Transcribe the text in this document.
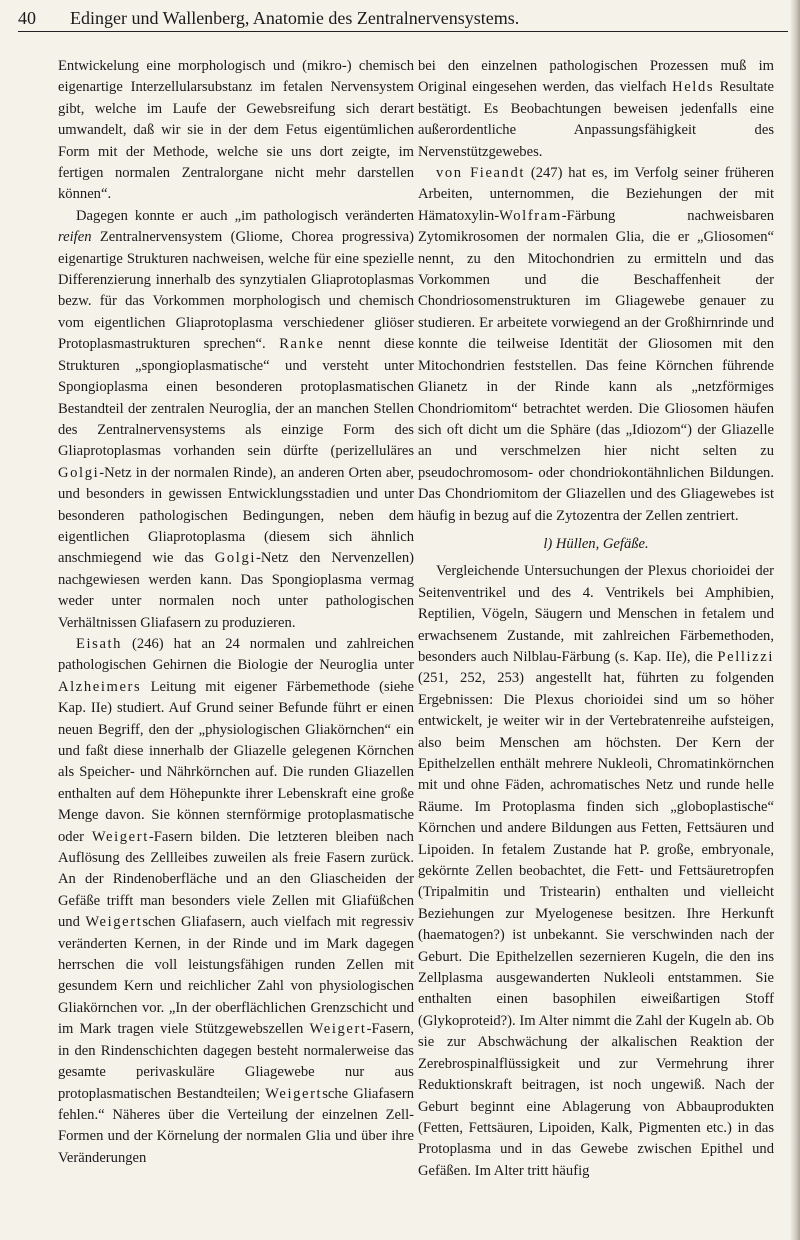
40 Edinger und Wallenberg, Anatomie des Zentralnervensystems.

Entwickelung eine morphologisch und (mikro-) chemisch eigenartige Interzellularsubstanz im fetalen Nervensystem gibt, welche im Laufe der Gewebsreifung sich derart umwandelt, daß wir sie in der dem Fetus eigentümlichen Form mit der Methode, welche sie uns dort zeigte, im fertigen normalen Zentralorgane nicht mehr darstellen können“.

Dagegen konnte er auch „im pathologisch veränderten reifen Zentralnervensystem (Gliome, Chorea progressiva) eigenartige Strukturen nachweisen, welche für eine spezielle Differenzierung innerhalb des synzytialen Gliaprotoplasmas bezw. für das Vorkommen morphologisch und chemisch vom eigentlichen Gliaprotoplasma verschiedener gliöser Protoplasmastrukturen sprechen“. Ranke nennt diese Strukturen „spongioplasmatische“ und versteht unter Spongioplasma einen besonderen protoplasmatischen Bestandteil der zentralen Neuroglia, der an manchen Stellen des Zentralnervensystems als einzige Form des Gliaprotoplasmas vorhanden sein dürfte (perizelluläres Golgi-Netz in der normalen Rinde), an anderen Orten aber, und besonders in gewissen Entwicklungsstadien und unter besonderen pathologischen Bedingungen, neben dem eigentlichen Gliaprotoplasma (diesem sich ähnlich anschmiegend wie das Golgi-Netz den Nervenzellen) nachgewiesen werden kann. Das Spongioplasma vermag weder unter normalen noch unter pathologischen Verhältnissen Gliafasern zu produzieren.

Eisath (246) hat an 24 normalen und zahlreichen pathologischen Gehirnen die Biologie der Neuroglia unter Alzheimers Leitung mit eigener Färbemethode (siehe Kap. IIe) studiert. Auf Grund seiner Befunde führt er einen neuen Begriff, den der „physiologischen Gliakörnchen“ ein und faßt diese innerhalb der Gliazelle gelegenen Körnchen als Speicher- und Nährkörnchen auf. Die runden Gliazellen enthalten auf dem Höhepunkte ihrer Lebenskraft eine große Menge davon. Sie können sternförmige protoplasmatische oder Weigert-Fasern bilden. Die letzteren bleiben nach Auflösung des Zellleibes zuweilen als freie Fasern zurück. An der Rindenoberfläche und an den Gliascheiden der Gefäße trifft man besonders viele Zellen mit Gliafüßchen und Weigertschen Gliafasern, auch vielfach mit regressiv veränderten Kernen, in der Rinde und im Mark dagegen herrschen die voll leistungsfähigen runden Zellen mit gesundem Kern und reichlicher Zahl von physiologischen Gliakörnchen vor. „In der oberflächlichen Grenzschicht und im Mark tragen viele Stützgewebszellen Weigert-Fasern, in den Rindenschichten dagegen besteht normalerweise das gesamte perivaskuläre Gliagewebe nur aus protoplasmatischen Bestandteilen; Weigertsche Gliafasern fehlen.“ Näheres über die Verteilung der einzelnen Zell-Formen und der Körnelung der normalen Glia und über ihre Veränderungen

bei den einzelnen pathologischen Prozessen muß im Original eingesehen werden, das vielfach Helds Resultate bestätigt. Es Beobachtungen beweisen jedenfalls eine außerordentliche Anpassungsfähigkeit des Nervenstützgewebes.

von Fieandt (247) hat es, im Verfolg seiner früheren Arbeiten, unternommen, die Beziehungen der mit Hämatoxylin-Wolfram-Färbung nachweisbaren Zytomikrosomen der normalen Glia, die er „Gliosomen“ nennt, zu den Mitochondrien zu ermitteln und das Vorkommen und die Beschaffenheit der Chondriosomenstrukturen im Gliagewebe genauer zu studieren. Er arbeitete vorwiegend an der Großhirnrinde und konnte die teilweise Identität der Gliosomen mit den Mitochondrien feststellen. Das feine Körnchen führende Glianetz in der Rinde kann als „netzförmiges Chondriomitom“ betrachtet werden. Die Gliosomen häufen sich oft dicht um die Sphäre (das „Idiozom“) der Gliazelle an und verschmelzen hier nicht selten zu pseudochromosom- oder chondriokontähnlichen Bildungen. Das Chondriomitom der Gliazellen und des Gliagewebes ist häufig in bezug auf die Zytozentra der Zellen zentriert.

l) Hüllen, Gefäße.

Vergleichende Untersuchungen der Plexus chorioidei der Seitenventrikel und des 4. Ventrikels bei Amphibien, Reptilien, Vögeln, Säugern und Menschen in fetalem und erwachsenem Zustande, mit zahlreichen Färbemethoden, besonders auch Nilblau-Färbung (s. Kap. IIe), die Pellizzi (251, 252, 253) angestellt hat, führten zu folgenden Ergebnissen: Die Plexus chorioidei sind um so höher entwickelt, je weiter wir in der Vertebratenreihe aufsteigen, also beim Menschen am höchsten. Der Kern der Epithelzellen enthält mehrere Nukleoli, Chromatinkörnchen mit und ohne Fäden, achromatisches Netz und runde helle Räume. Im Protoplasma finden sich „globoplastische“ Körnchen und andere Bildungen aus Fetten, Fettsäuren und Lipoiden. In fetalem Zustande hat P. große, embryonale, gekörnte Zellen beobachtet, die Fett- und Fettsäuretropfen (Tripalmitin und Tristearin) enthalten und vielleicht Beziehungen zur Myelogenese besitzen. Ihre Herkunft (haematogen?) ist unbekannt. Sie verschwinden nach der Geburt. Die Epithelzellen sezernieren Kugeln, die den ins Zellplasma ausgewanderten Nukleoli entstammen. Sie enthalten einen basophilen eiweißartigen Stoff (Glykoproteid?). Im Alter nimmt die Zahl der Kugeln ab. Ob sie zur Abschwächung der alkalischen Reaktion der Zerebrospinalflüssigkeit und zur Vermehrung ihrer Reduktionskraft beitragen, ist noch ungewiß. Nach der Geburt beginnt eine Ablagerung von Abbauprodukten (Fetten, Fettsäuren, Lipoiden, Kalk, Pigmenten etc.) in das Protoplasma und in das Gewebe zwischen Epithel und Gefäßen. Im Alter tritt häufig
